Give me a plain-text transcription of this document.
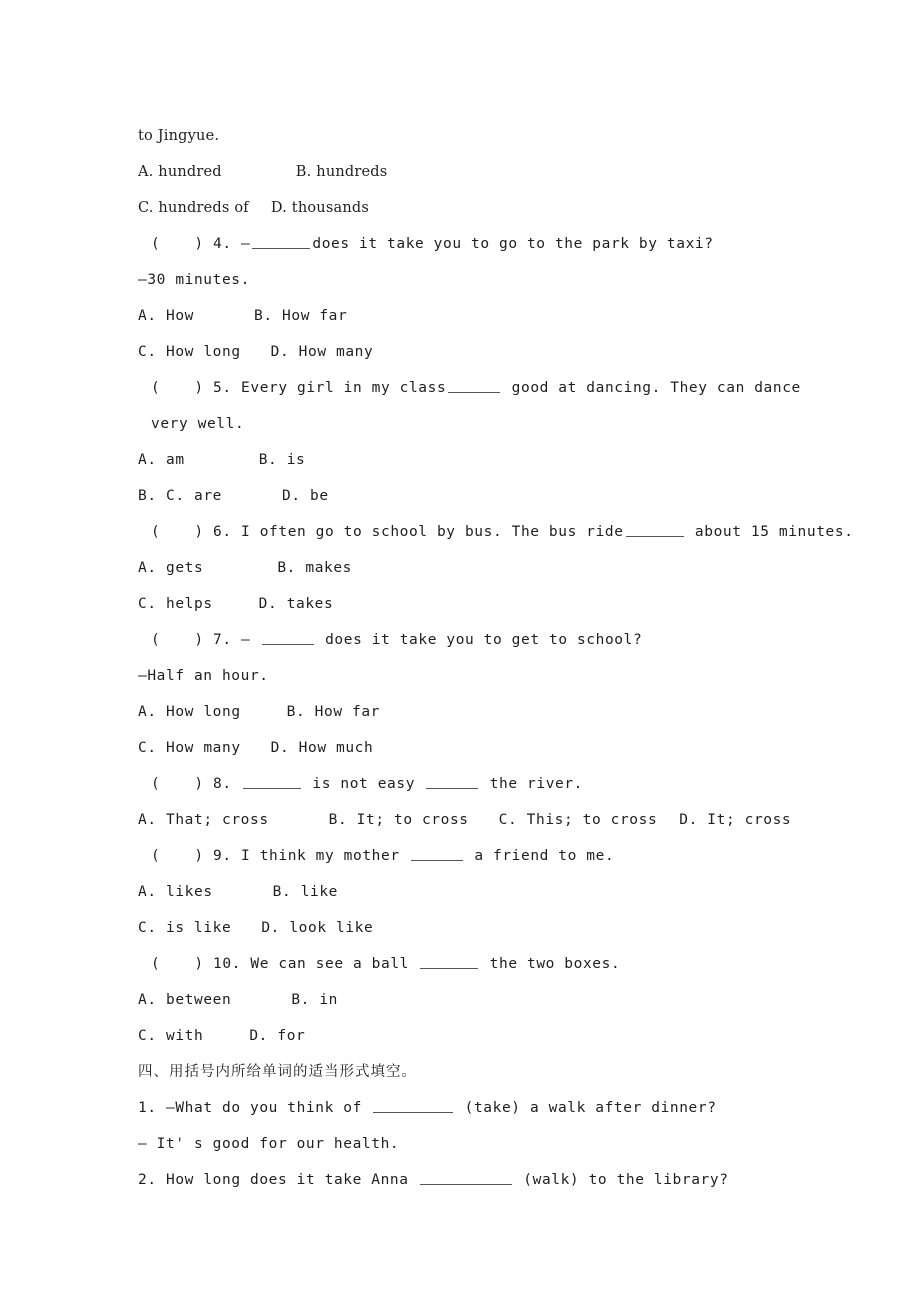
to Jingyue.
A. hundred	B. hundreds
C. hundreds of D. thousands
( ) 4. —	does it take you to go to the park by taxi?
—30 minutes.
A. How	B. How far
C. How long D. How many
( ) 5. Every girl in my class	good at dancing. They can dance very well.
A. am	B. is
B. C. are	D. be
( ) 6. I often go to school by bus. The bus ride	about 15 minutes.
A. gets	B. makes
C. helps	D. takes
( ) 7. —	does it take you to get to school?
—Half an hour.
A. How long	B. How far
C. How many D. How much
( ) 8.	is not easy	the river.
A. That; cross	B. It; to cross C. This; to cross D. It; cross
( ) 9. I think my mother	a friend to me.
A. likes	B. like
C. is like D. look like
( ) 10. We can see a ball	the two boxes.
A. between	B. in
C. with	D. for
四、用括号内所给单词的适当形式填空。
1. —What do you think of	(take) a walk after dinner?
— It' s good for our health.
2. How long does it take Anna	(walk) to the library?
